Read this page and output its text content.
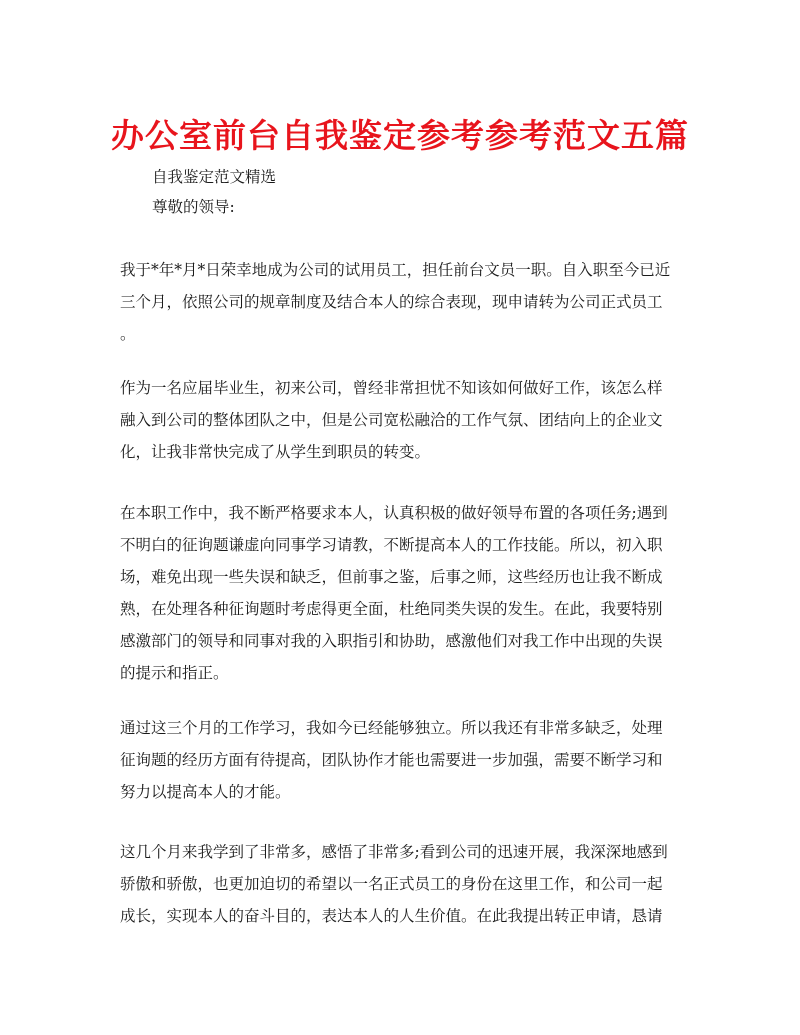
办公室前台自我鉴定参考参考范文五篇

自我鉴定范文精选

尊敬的领导:

我于*年*月*日荣幸地成为公司的试用员工，担任前台文员一职。自入职至今已近
三个月，依照公司的规章制度及结合本人的综合表现，现申请转为公司正式员工
。
作为一名应届毕业生，初来公司，曾经非常担忧不知该如何做好工作，该怎么样
融入到公司的整体团队之中，但是公司宽松融洽的工作气氛、团结向上的企业文
化，让我非常快完成了从学生到职员的转变。
在本职工作中，我不断严格要求本人，认真积极的做好领导布置的各项任务;遇到
不明白的征询题谦虚向同事学习请教，不断提高本人的工作技能。所以，初入职
场，难免出现一些失误和缺乏，但前事之鉴，后事之师，这些经历也让我不断成
熟，在处理各种征询题时考虑得更全面，杜绝同类失误的发生。在此，我要特别
感激部门的领导和同事对我的入职指引和协助，感激他们对我工作中出现的失误
的提示和指正。
通过这三个月的工作学习，我如今已经能够独立。所以我还有非常多缺乏，处理
征询题的经历方面有待提高，团队协作才能也需要进一步加强，需要不断学习和
努力以提高本人的才能。
这几个月来我学到了非常多，感悟了非常多;看到公司的迅速开展，我深深地感到
骄傲和骄傲，也更加迫切的希望以一名正式员工的身份在这里工作，和公司一起
成长，实现本人的奋斗目的，表达本人的人生价值。在此我提出转正申请，恳请
